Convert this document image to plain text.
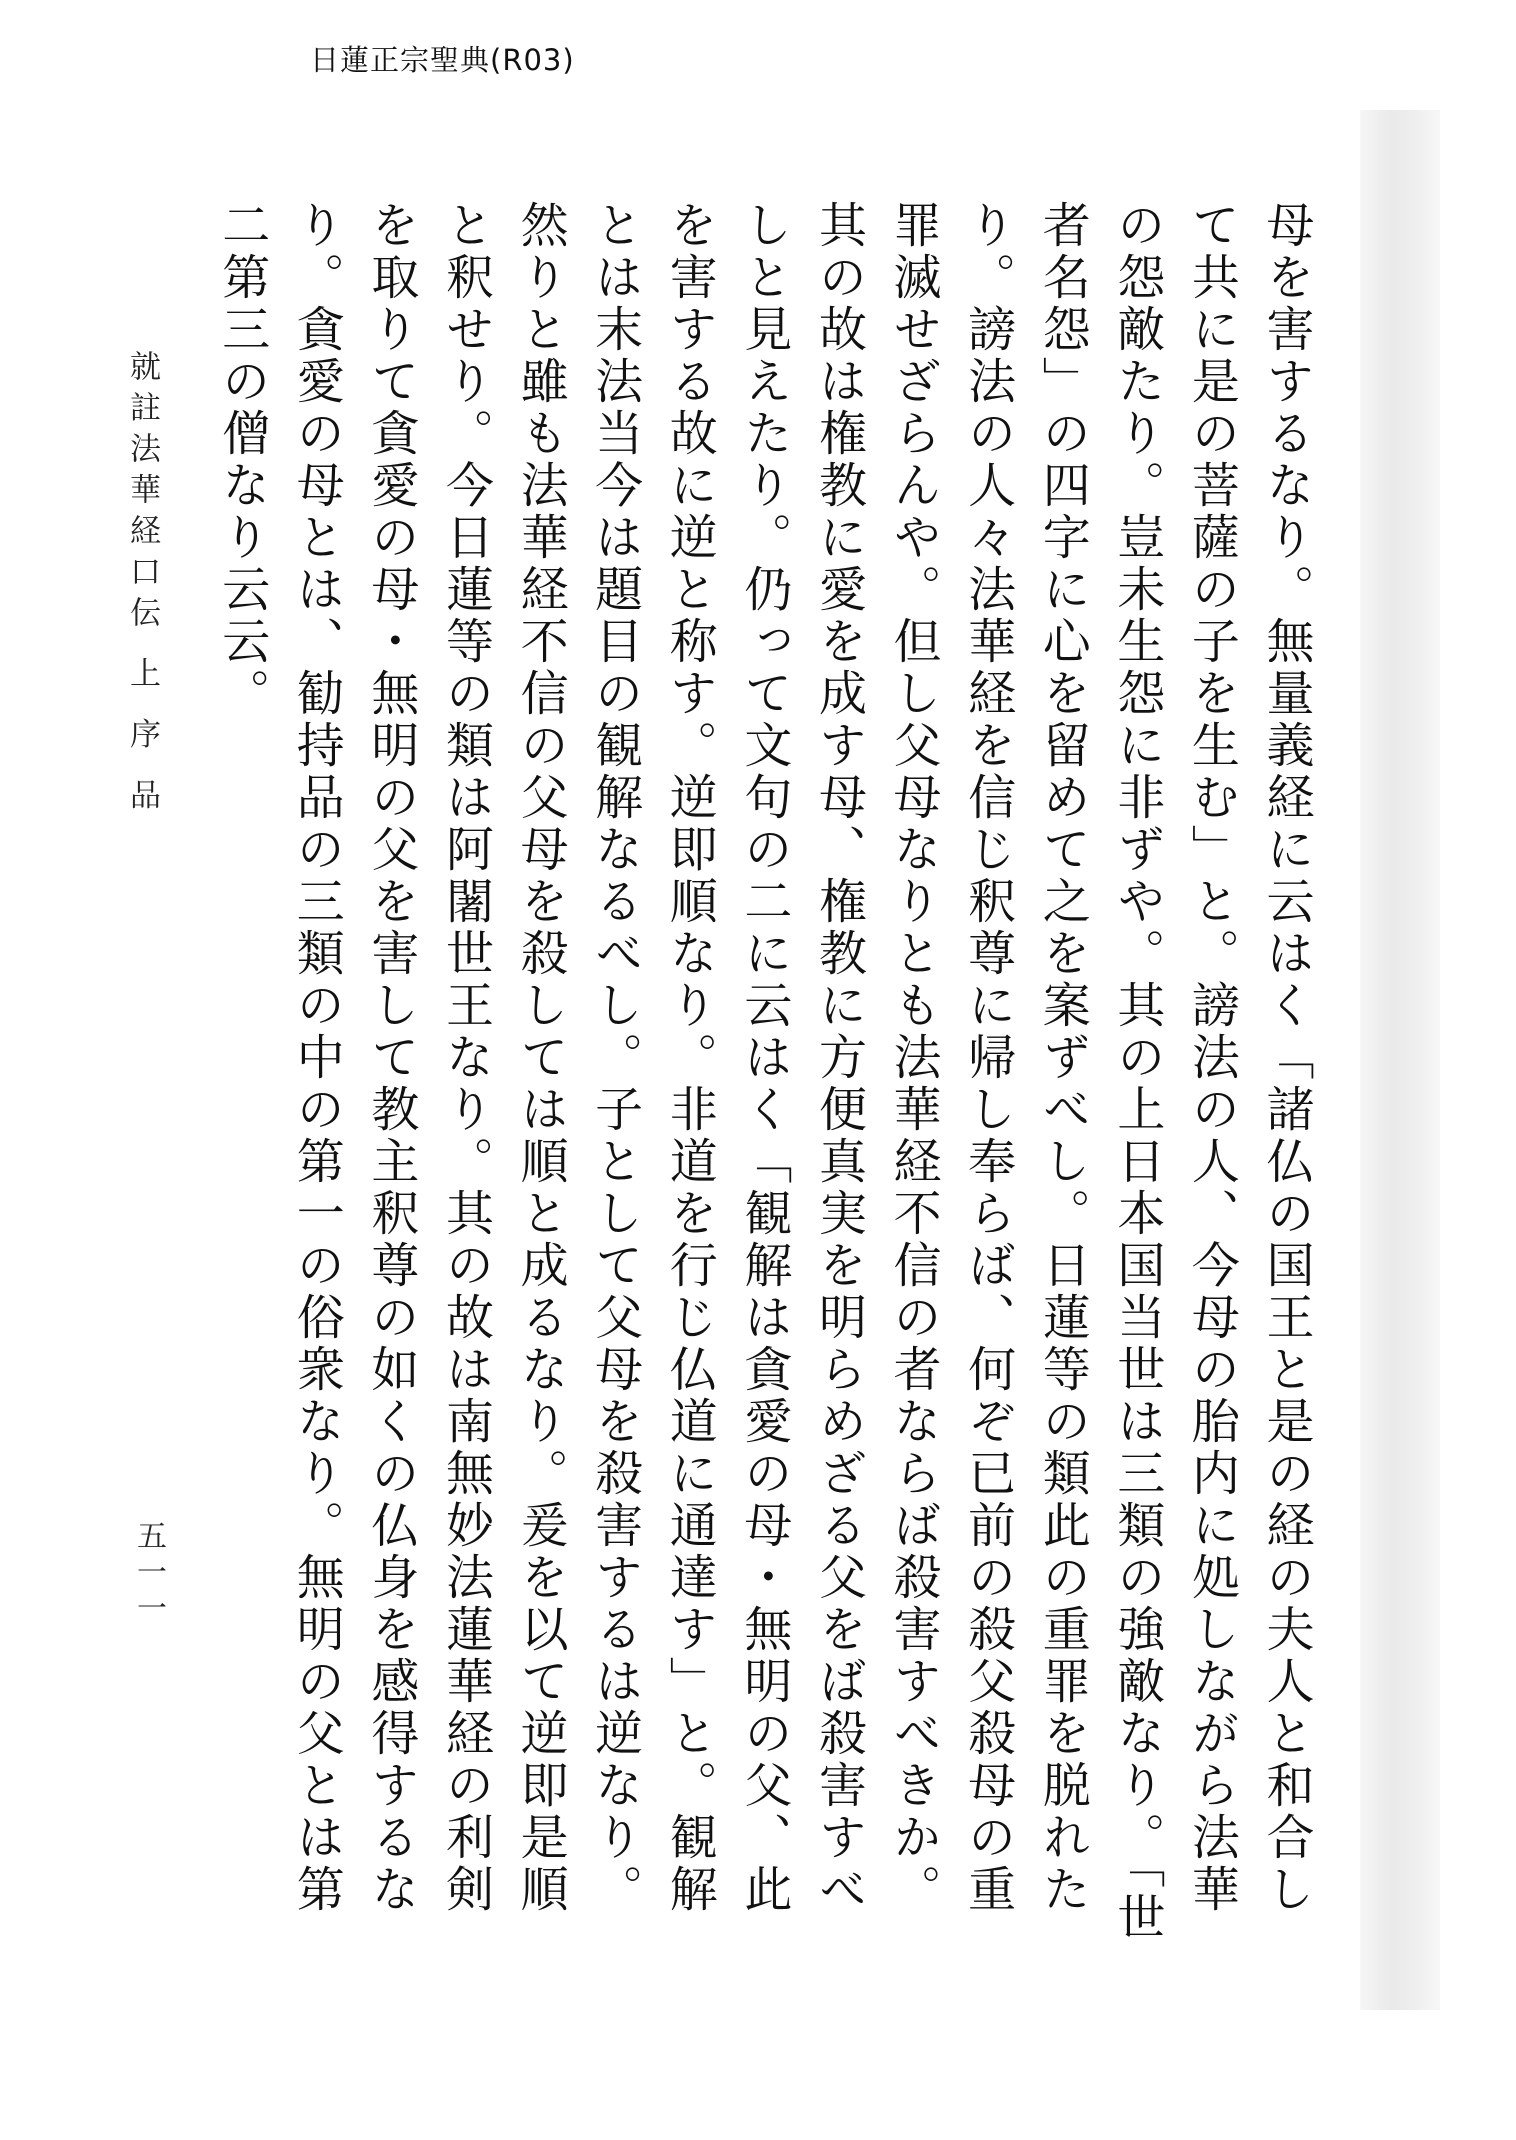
日蓮正宗聖典(R03)

母を害するなり。無量義経に云はく「諸仏の国王と是の経の夫人と和合して共に是の菩薩の子を生む」と。謗法の人、今母の胎内に処しながら法華の怨敵たり。豈未生怨に非ずや。其の上日本国当世は三類の強敵なり。「世者名怨」の四字に心を留めて之を案ずべし。日蓮等の類此の重罪を脱れたり。謗法の人々法華経を信じ釈尊に帰し奉らば、何ぞ已前の殺父殺母の重罪滅せざらんや。但し父母なりとも法華経不信の者ならば殺害すべきか。其の故は権教に愛を成す母、権教に方便真実を明らめざる父をば殺害すべしと見えたり。仍って文句の二に云はく「観解は貪愛の母・無明の父、此を害する故に逆と称す。逆即順なり。非道を行じ仏道に通達す」と。観解とは末法当今は題目の観解なるべし。子として父母を殺害するは逆なり。然りと雖も法華経不信の父母を殺しては順と成るなり。爰を以て逆即是順と釈せり。今日蓮等の類は阿闍世王なり。其の故は南無妙法蓮華経の利剣を取りて貪愛の母・無明の父を害して教主釈尊の如くの仏身を感得するなり。貪愛の母とは、勧持品の三類の中の第一の俗衆なり。無明の父とは第二第三の僧なり云云。

就註法華経口伝 上 序 品
五一一
